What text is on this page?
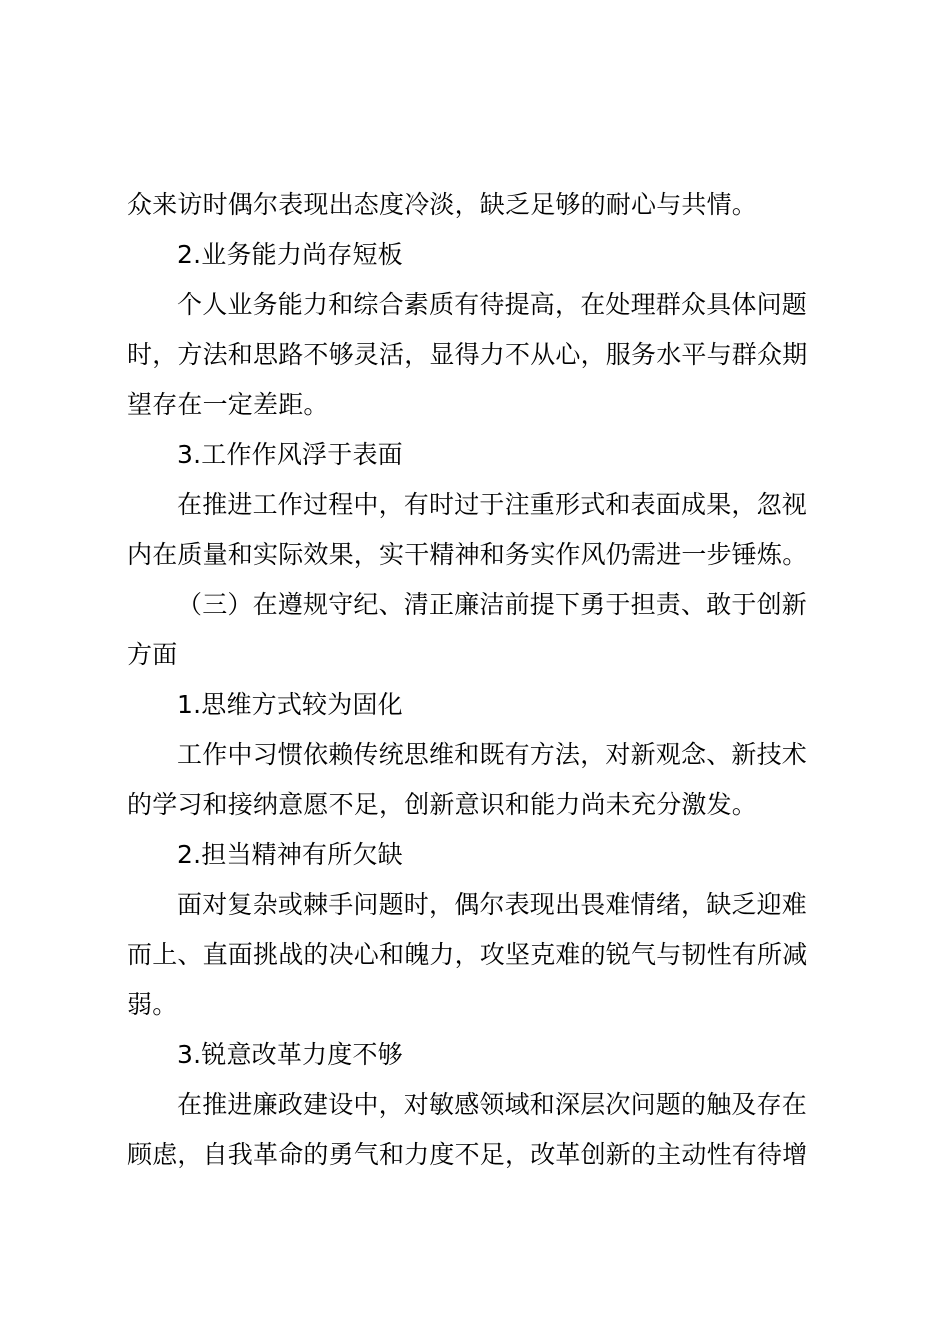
众来访时偶尔表现出态度冷淡，缺乏足够的耐心与共情。
2.业务能力尚存短板
个人业务能力和综合素质有待提高，在处理群众具体问题
时，方法和思路不够灵活，显得力不从心，服务水平与群众期
望存在一定差距。
3.工作作风浮于表面
在推进工作过程中，有时过于注重形式和表面成果，忽视
内在质量和实际效果，实干精神和务实作风仍需进一步锤炼。
（三）在遵规守纪、清正廉洁前提下勇于担责、敢于创新
方面
1.思维方式较为固化
工作中习惯依赖传统思维和既有方法，对新观念、新技术
的学习和接纳意愿不足，创新意识和能力尚未充分激发。
2.担当精神有所欠缺
面对复杂或棘手问题时，偶尔表现出畏难情绪，缺乏迎难
而上、直面挑战的决心和魄力，攻坚克难的锐气与韧性有所减
弱。
3.锐意改革力度不够
在推进廉政建设中，对敏感领域和深层次问题的触及存在
顾虑，自我革命的勇气和力度不足，改革创新的主动性有待增
